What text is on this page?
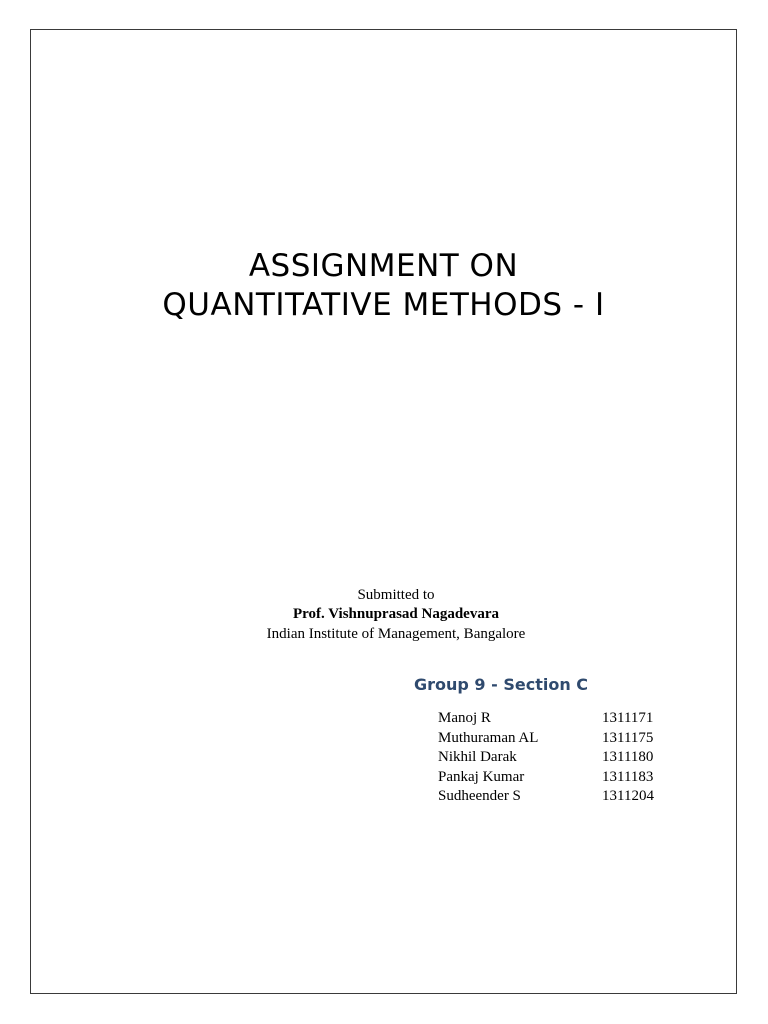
ASSIGNMENT ON
QUANTITATIVE METHODS - I
Submitted to
Prof. Vishnuprasad Nagadevara
Indian Institute of Management, Bangalore
Group 9 - Section C
Manoj R	1311171
Muthuraman AL	1311175
Nikhil Darak	1311180
Pankaj Kumar	1311183
Sudheender S	1311204
